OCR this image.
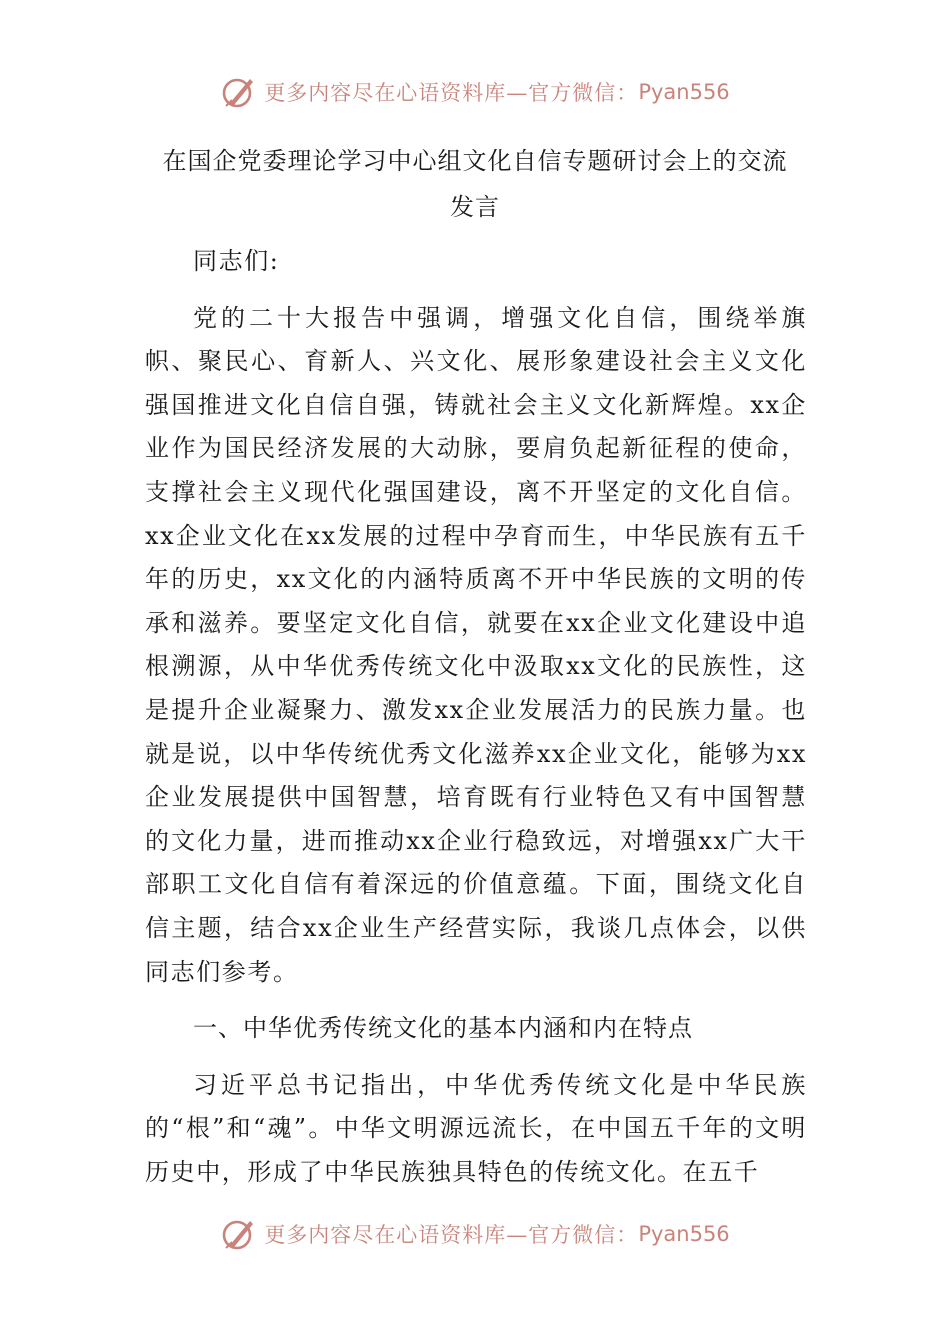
更多内容尽在心语资料库—官方微信： Pyan556
在国企党委理论学习中心组文化自信专题研讨会上的交流
发言

同志们:

党的二十大报告中强调，增强文化自信，围绕举旗帜、聚民心、育新人、兴文化、展形象建设社会主义文化强国推进文化自信自强，铸就社会主义文化新辉煌。xx企业作为国民经济发展的大动脉，要肩负起新征程的使命，支撑社会主义现代化强国建设，离不开坚定的文化自信。xx企业文化在xx发展的过程中孕育而生，中华民族有五千年的历史，xx文化的内涵特质离不开中华民族的文明的传承和滋养。要坚定文化自信，就要在xx企业文化建设中追根溯源，从中华优秀传统文化中汲取xx文化的民族性，这是提升企业凝聚力、激发xx企业发展活力的民族力量。也就是说，以中华传统优秀文化滋养xx企业文化，能够为xx企业发展提供中国智慧，培育既有行业特色又有中国智慧的文化力量，进而推动xx企业行稳致远，对增强xx广大干部职工文化自信有着深远的价值意蕴。下面，围绕文化自信主题，结合xx企业生产经营实际，我谈几点体会，以供同志们参考。

一、中华优秀传统文化的基本内涵和内在特点

习近平总书记指出，中华优秀传统文化是中华民族的“根”和“魂”。中华文明源远流长，在中国五千年的文明历史中，形成了中华民族独具特色的传统文化。在五千

更多内容尽在心语资料库—官方微信： Pyan556
